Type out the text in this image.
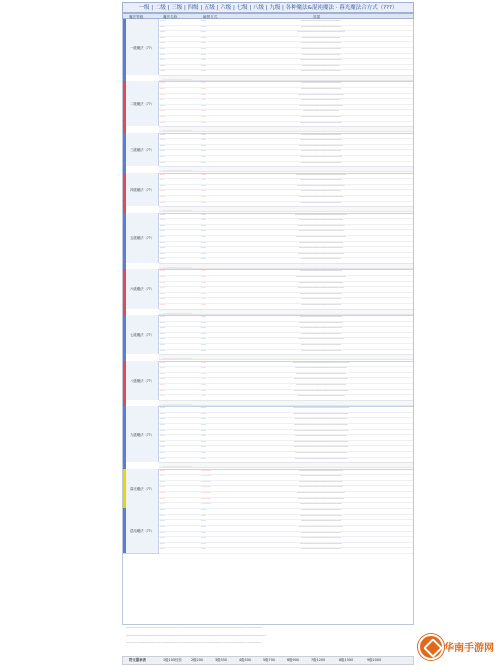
一级 | 二级 | 三级 | 四级 | 五级 | 六级 | 七级 | 八级 | 九级 | 各种魔法&混沌魔法 · 暮光魔法合方式（???）
魔法等级	魔法名称	解锁方式	效果
一级魔法（??）
·····	·····	········································
·····	·····	·········································
·····	·····	················································
·····	·····	······································
·····	·····	·········································
·····	·····	········································
·····	·····	······································
·····	·····	··········································
·····	·····	·······································
·····	·····	········································
······························
二级魔法（??）
·····	·····	········································
·····	·····	·········································
·····	·····	··············································
·····	·····	········································
·····	·····	·············································
·····	·····	·····································
·····	·····	········································
·····	·····	··········································
······························
三级魔法（??）
·····	·····	·········································
·····	·····	··········································
·····	·····	·············································
·····	·····	········································
·····	·····	···········································
·····	·····	········································
······························
四级魔法（??）
·····	·····	··················································
·····	·····	··········································
·····	·····	················································
·····	·····	·········································
·····	·····	·············································
·····	·····	········································
······························
五级魔法（??）
·····	·····	·····················································
·····	·····	·············································
·····	·····	················································
·····	·····	··············································
·····	·····	··················································
·····	·····	············································
·····	·····	·············································
·····	·····	···············································
·····	·····	········································
······························
六级魔法（??）
·····	·····	···········································
·····	·····	··················································
·····	·····	············································
·····	·····	···············································
·····	·····	··········································
·····	·····	········································
·····	·····	·········································
······························
七级魔法（??）
·····	·····	··········································
·····	·····	············································
·····	·····	···········································
·····	·····	·········································
·····	·····	··············································
·····	·····	········································
·····	·····	·········································
······························
八级魔法（??）
·····	·····	·························································
·····	·····	····················································
·····	·····	··················································
·····	·····	······················································
·····	·····	···················································
·····	·····	·······················································
·····	·····	················································
······························
九级魔法（??）
·····	·····	·························································
·····	·····	························································
·····	·····	·····················································
·····	·····	······················································
·····	·····	·······················································
·····	·····	····················································
·····	·····	·······················································
·····	·····	······················································
·····	·····	····················································
·····	·····	·····················································
······························
暮光魔法（??）
·····	··········	············································
·····	··········	··········································
·····	··········	·············································
·····	··········	············································
·····	··········	·················································
·····	··········	···············································
·····	··········	··········································
混沌魔法（??）
·····	·····	········································
·····	·····	··········································
·····	·····	·········································
·····	·····	············································
·····	·····	········································
·····	·····	·········································
·····	·····	··········································
·····	·····	········································
··································································································································
······································································································································
·································································································································
符文需求表	1级100经验	2级200	3级350	4级500	5级700	6级900	7级1200	8级1500	9级2000
华南手游网
